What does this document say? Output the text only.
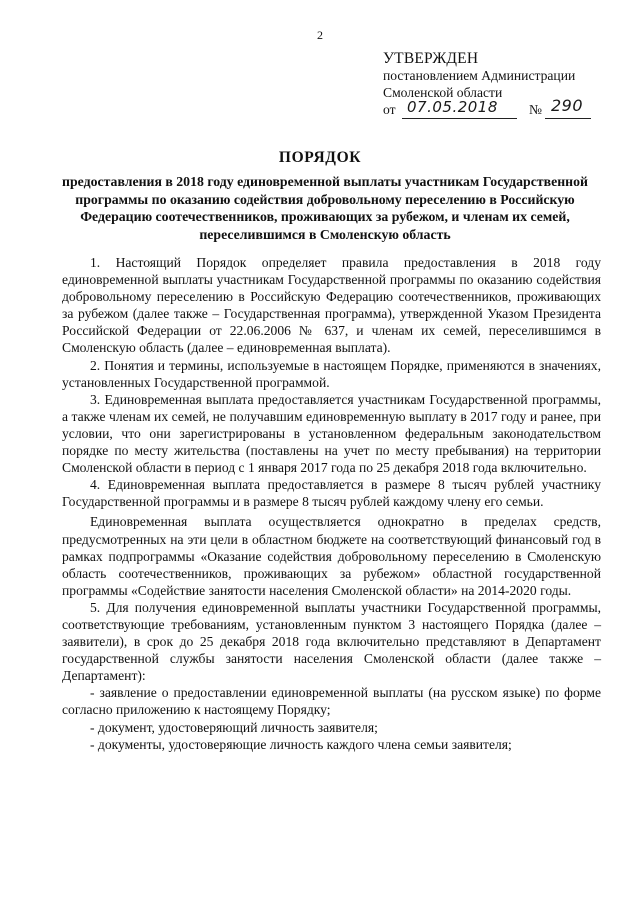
2
УТВЕРЖДЕН
постановлением Администрации
Смоленской области
от 07.05.2018 № 290
ПОРЯДОК
предоставления в 2018 году единовременной выплаты участникам Государственной программы по оказанию содействия добровольному переселению в Российскую Федерацию соотечественников, проживающих за рубежом, и членам их семей, переселившимся в Смоленскую область

1. Настоящий Порядок определяет правила предоставления в 2018 году единовременной выплаты участникам Государственной программы по оказанию содействия добровольному переселению в Российскую Федерацию соотечественников, проживающих за рубежом (далее также – Государственная программа), утвержденной Указом Президента Российской Федерации от 22.06.2006 № 637, и членам их семей, переселившимся в Смоленскую область (далее – единовременная выплата).

2. Понятия и термины, используемые в настоящем Порядке, применяются в значениях, установленных Государственной программой.

3. Единовременная выплата предоставляется участникам Государственной программы, а также членам их семей, не получавшим единовременную выплату в 2017 году и ранее, при условии, что они зарегистрированы в установленном федеральным законодательством порядке по месту жительства (поставлены на учет по месту пребывания) на территории Смоленской области в период с 1 января 2017 года по 25 декабря 2018 года включительно.

4. Единовременная выплата предоставляется в размере 8 тысяч рублей участнику Государственной программы и в размере 8 тысяч рублей каждому члену его семьи.

Единовременная выплата осуществляется однократно в пределах средств, предусмотренных на эти цели в областном бюджете на соответствующий финансовый год в рамках подпрограммы «Оказание содействия добровольному переселению в Смоленскую область соотечественников, проживающих за рубежом» областной государственной программы «Содействие занятости населения Смоленской области» на 2014-2020 годы.

5. Для получения единовременной выплаты участники Государственной программы, соответствующие требованиям, установленным пунктом 3 настоящего Порядка (далее – заявители), в срок до 25 декабря 2018 года включительно представляют в Департамент государственной службы занятости населения Смоленской области (далее также – Департамент):

- заявление о предоставлении единовременной выплаты (на русском языке) по форме согласно приложению к настоящему Порядку;

- документ, удостоверяющий личность заявителя;

- документы, удостоверяющие личность каждого члена семьи заявителя;
